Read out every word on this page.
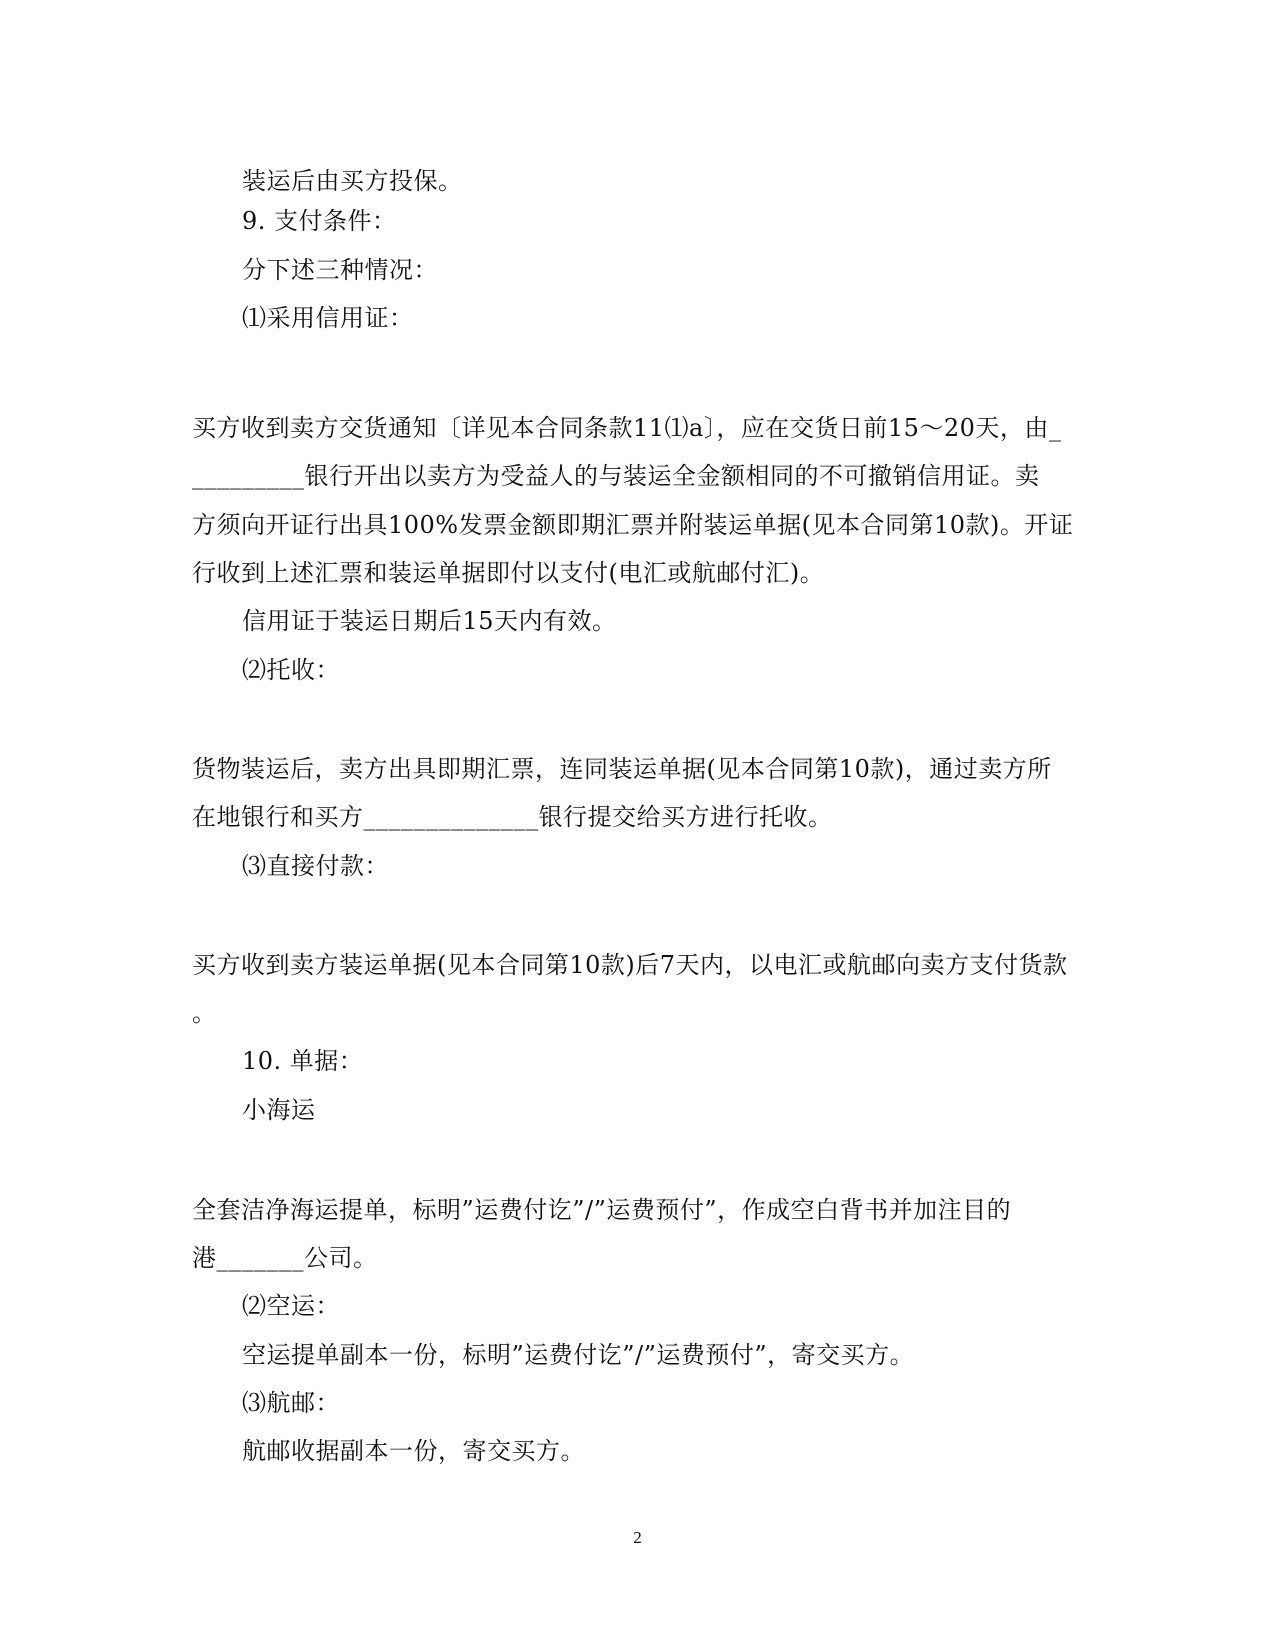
装运后由买方投保。
9. 支付条件：
分下述三种情况：
⑴采用信用证：
买方收到卖方交货通知〔详见本合同条款11⑴a〕，应在交货日前15～20天，由_
_________银行开出以卖方为受益人的与装运全金额相同的不可撤销信用证。卖
方须向开证行出具100%发票金额即期汇票并附装运单据(见本合同第10款)。开证
行收到上述汇票和装运单据即付以支付(电汇或航邮付汇)。
信用证于装运日期后15天内有效。
⑵托收：
货物装运后，卖方出具即期汇票，连同装运单据(见本合同第10款)，通过卖方所
在地银行和买方______________银行提交给买方进行托收。
⑶直接付款：
买方收到卖方装运单据(见本合同第10款)后7天内，以电汇或航邮向卖方支付货款
。
10. 单据：
小海运
全套洁净海运提单，标明”运费付讫”/”运费预付”，作成空白背书并加注目的
港_______公司。
⑵空运：
空运提单副本一份，标明”运费付讫”/”运费预付”，寄交买方。
⑶航邮：
航邮收据副本一份，寄交买方。
2
